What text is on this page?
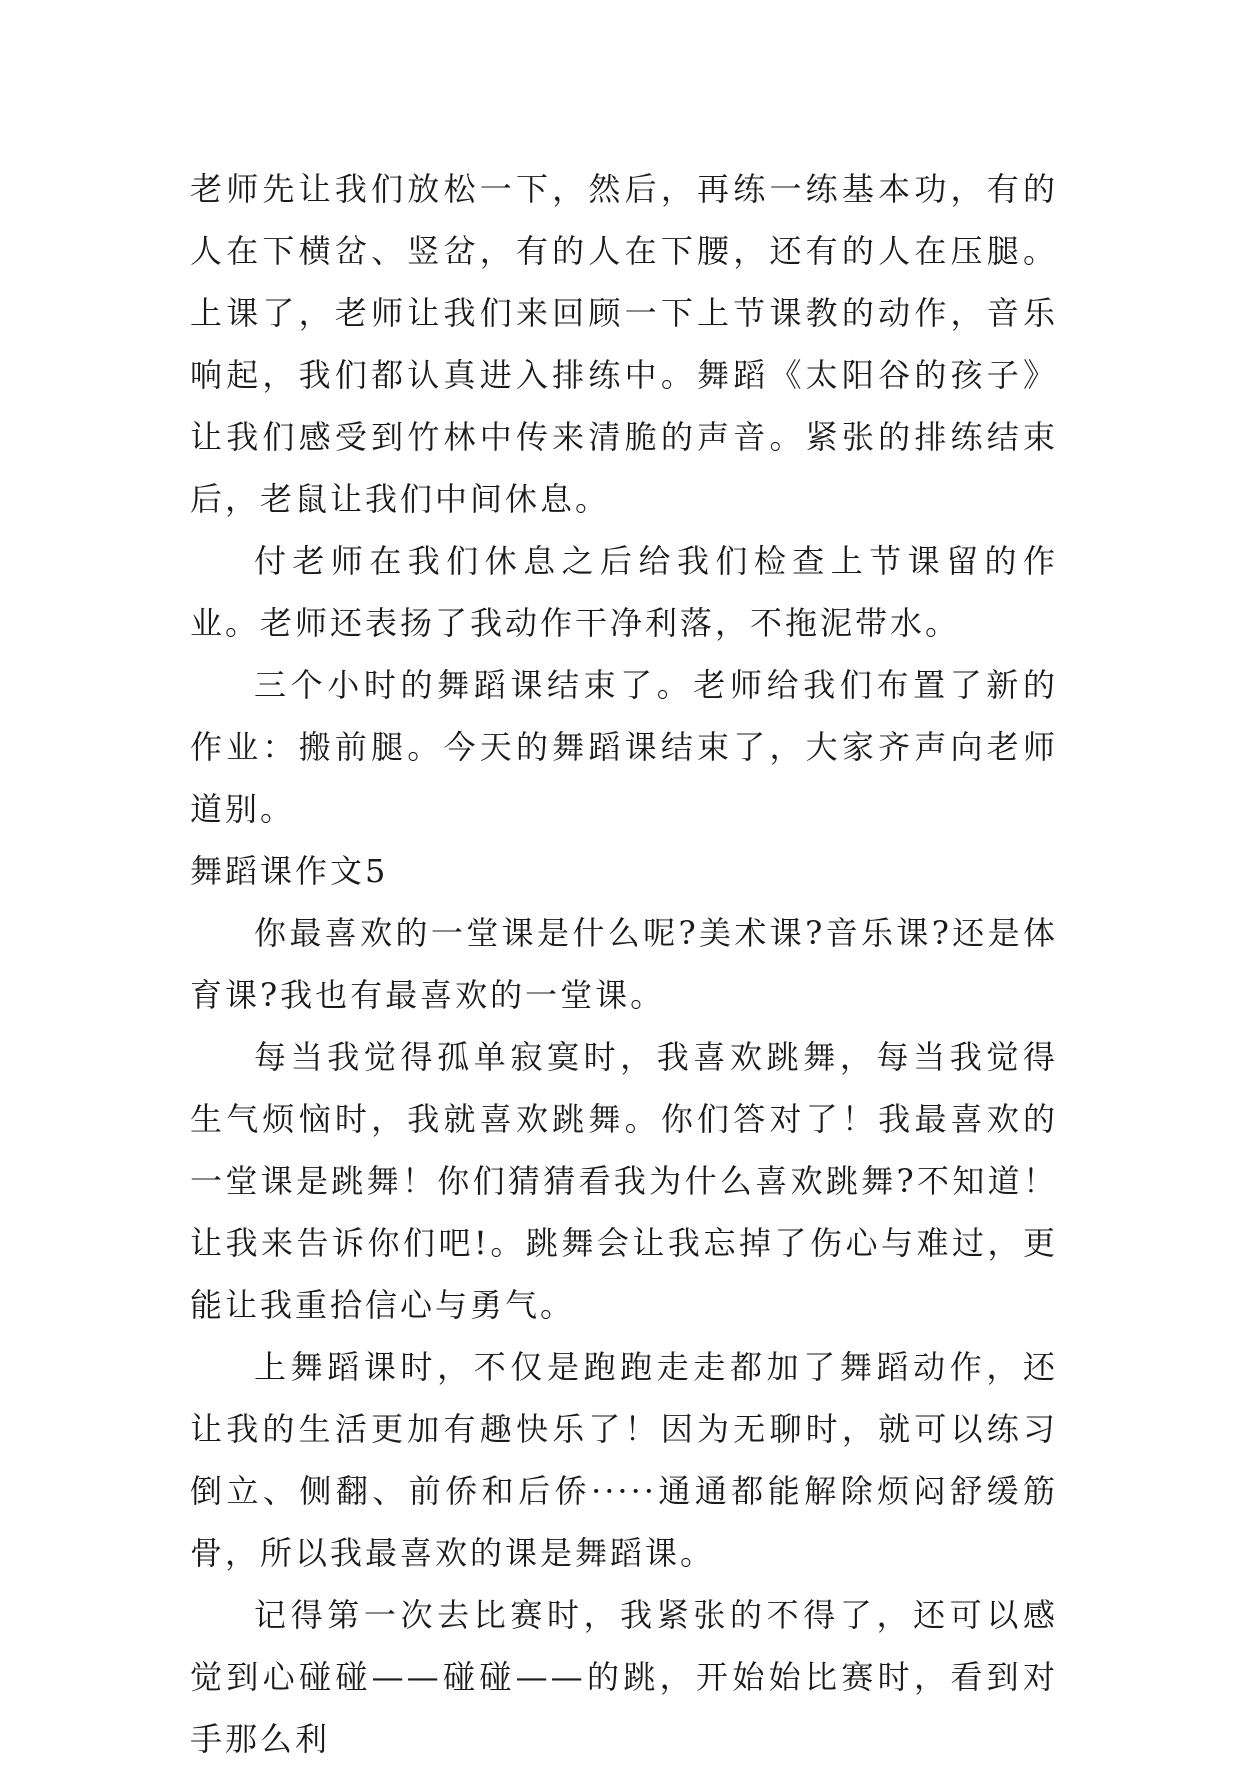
老师先让我们放松一下，然后，再练一练基本功，有的人在下横岔、竖岔，有的人在下腰，还有的人在压腿。上课了，老师让我们来回顾一下上节课教的动作，音乐响起，我们都认真进入排练中。舞蹈《太阳谷的孩子》让我们感受到竹林中传来清脆的声音。紧张的排练结束后，老鼠让我们中间休息。

付老师在我们休息之后给我们检查上节课留的作业。老师还表扬了我动作干净利落，不拖泥带水。

三个小时的舞蹈课结束了。老师给我们布置了新的作业：搬前腿。今天的舞蹈课结束了，大家齐声向老师道别。

舞蹈课作文5

你最喜欢的一堂课是什么呢?美术课?音乐课?还是体育课?我也有最喜欢的一堂课。

每当我觉得孤单寂寞时，我喜欢跳舞，每当我觉得生气烦恼时，我就喜欢跳舞。你们答对了！我最喜欢的一堂课是跳舞！你们猜猜看我为什么喜欢跳舞?不知道！让我来告诉你们吧!。跳舞会让我忘掉了伤心与难过，更能让我重拾信心与勇气。

上舞蹈课时，不仅是跑跑走走都加了舞蹈动作，还让我的生活更加有趣快乐了！因为无聊时，就可以练习倒立、侧翻、前侨和后侨·····通通都能解除烦闷舒缓筋骨，所以我最喜欢的课是舞蹈课。

记得第一次去比赛时，我紧张的不得了，还可以感觉到心碰碰——碰碰——的跳，开始始比赛时，看到对手那么利
